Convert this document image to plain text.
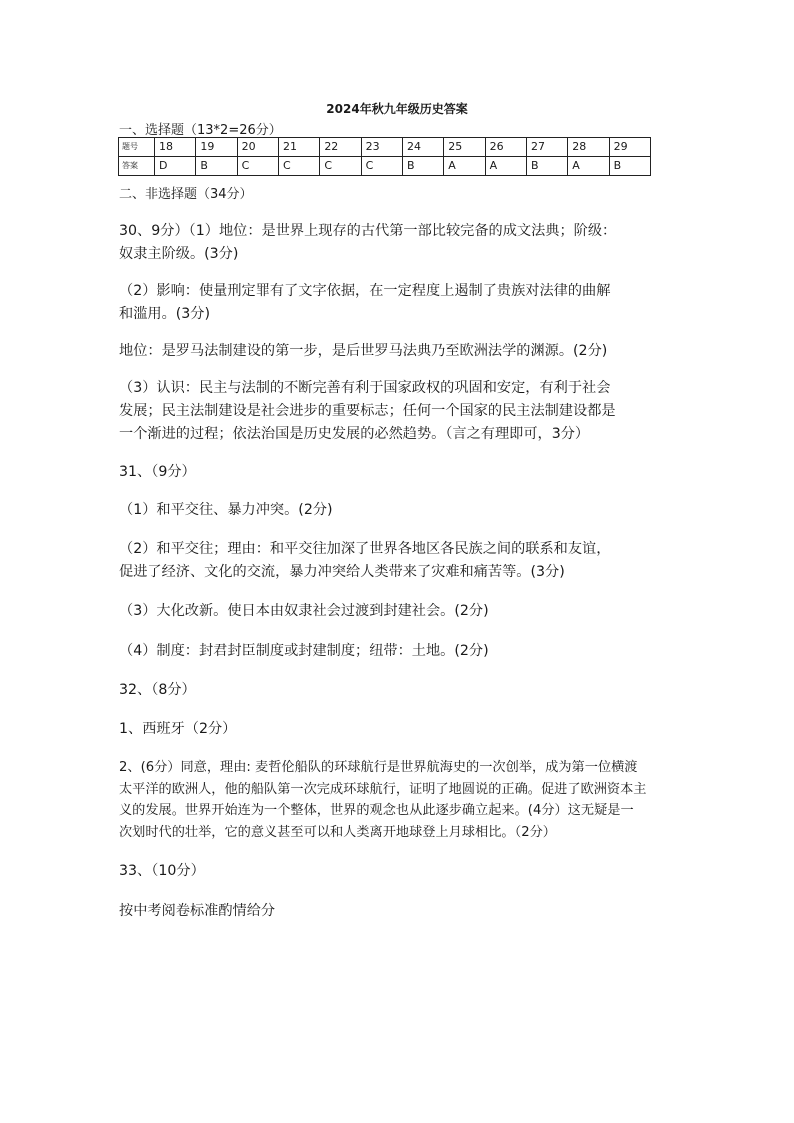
2024年秋九年级历史答案
一、选择题（13*2=26分）
题号	18	19	20	21	22	23	24	25	26	27	28	29
答案	D	B	C	C	C	C	B	A	A	B	A	B
二、非选择题（34分）
30、9分）（1）地位：是世界上现存的古代第一部比较完备的成文法典；阶级：
奴隶主阶级。(3分)
（2）影响：使量刑定罪有了文字依据，在一定程度上遏制了贵族对法律的曲解
和滥用。(3分)
地位：是罗马法制建设的第一步，是后世罗马法典乃至欧洲法学的渊源。(2分)
（3）认识：民主与法制的不断完善有利于国家政权的巩固和安定，有利于社会
发展；民主法制建设是社会进步的重要标志；任何一个国家的民主法制建设都是
一个渐进的过程；依法治国是历史发展的必然趋势。（言之有理即可，3分）
31、（9分）
（1）和平交往、暴力冲突。(2分)
（2）和平交往；理由：和平交往加深了世界各地区各民族之间的联系和友谊，
促进了经济、文化的交流，暴力冲突给人类带来了灾难和痛苦等。(3分)
（3）大化改新。使日本由奴隶社会过渡到封建社会。(2分)
（4）制度：封君封臣制度或封建制度；纽带：土地。(2分)
32、（8分）
1、西班牙（2分）
2、(6分）同意，理由: 麦哲伦船队的环球航行是世界航海史的一次创举，成为第一位横渡
太平洋的欧洲人，他的船队第一次完成环球航行，证明了地圆说的正确。促进了欧洲资本主
义的发展。世界开始连为一个整体，世界的观念也从此逐步确立起来。(4分）这无疑是一
次划时代的壮举，它的意义甚至可以和人类离开地球登上月球相比。（2分）
33、（10分）
按中考阅卷标准酌情给分
